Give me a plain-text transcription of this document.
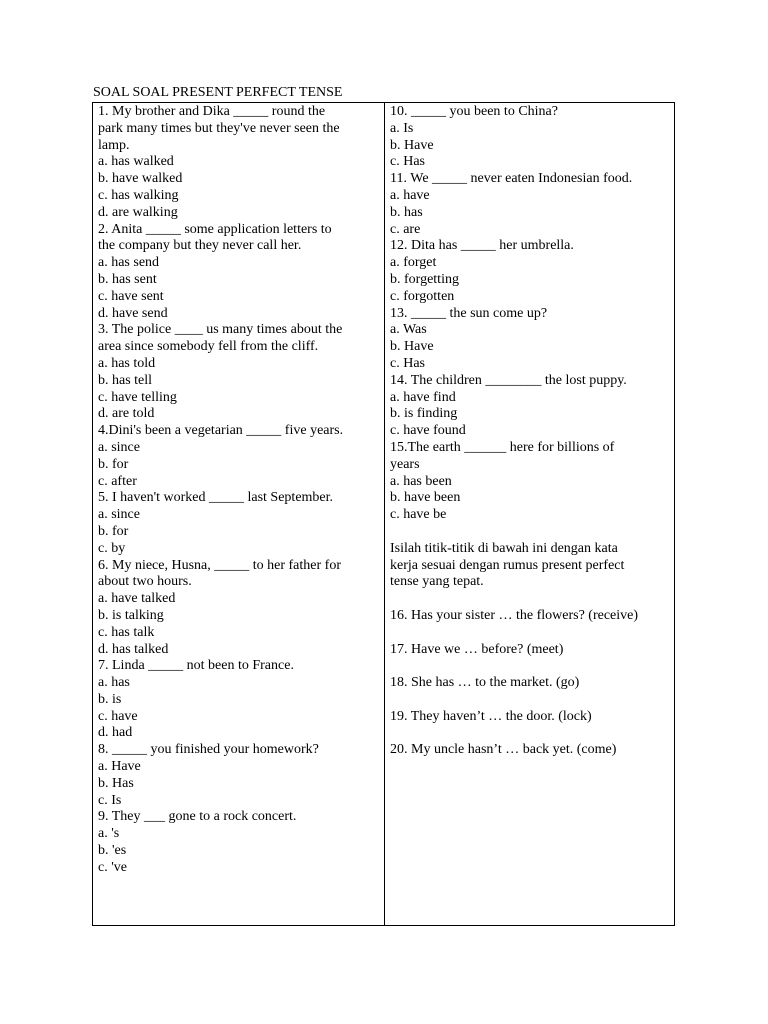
SOAL SOAL PRESENT PERFECT TENSE
1. My brother and Dika _____ round the
park many times but they've never seen the
lamp.
a. has walked
b. have walked
c. has walking
d. are walking
2. Anita _____ some application letters to
the company but they never call her.
a. has send
b. has sent
c. have sent
d. have send
3. The police ____ us many times about the
area since somebody fell from the cliff.
a. has told
b. has tell
c. have telling
d. are told
4.Dini's been a vegetarian _____ five years.
a. since
b. for
c. after
5. I haven't worked _____ last September.
a. since
b. for
c. by
6. My niece, Husna, _____ to her father for
about two hours.
a. have talked
b. is talking
c. has talk
d. has talked
7. Linda _____ not been to France.
a. has
b. is
c. have
d. had
8. _____ you finished your homework?
a. Have
b. Has
c. Is
9. They ___ gone to a rock concert.
a. 's
b. 'es
c. 've
10. _____ you been to China?
a. Is
b. Have
c. Has
11. We _____ never eaten Indonesian food.
a. have
b. has
c. are
12. Dita has _____ her umbrella.
a. forget
b. forgetting
c. forgotten
13. _____ the sun come up?
a. Was
b. Have
c. Has
14. The children ________ the lost puppy.
a. have find
b. is finding
c. have found
15.The earth ______ here for billions of
years
a. has been
b. have been
c. have be
Isilah titik-titik di bawah ini dengan kata
kerja sesuai dengan rumus present perfect
tense yang tepat.
16. Has your sister … the flowers? (receive)
17. Have we … before? (meet)
18. She has … to the market. (go)
19. They haven’t … the door. (lock)
20. My uncle hasn’t … back yet. (come)
